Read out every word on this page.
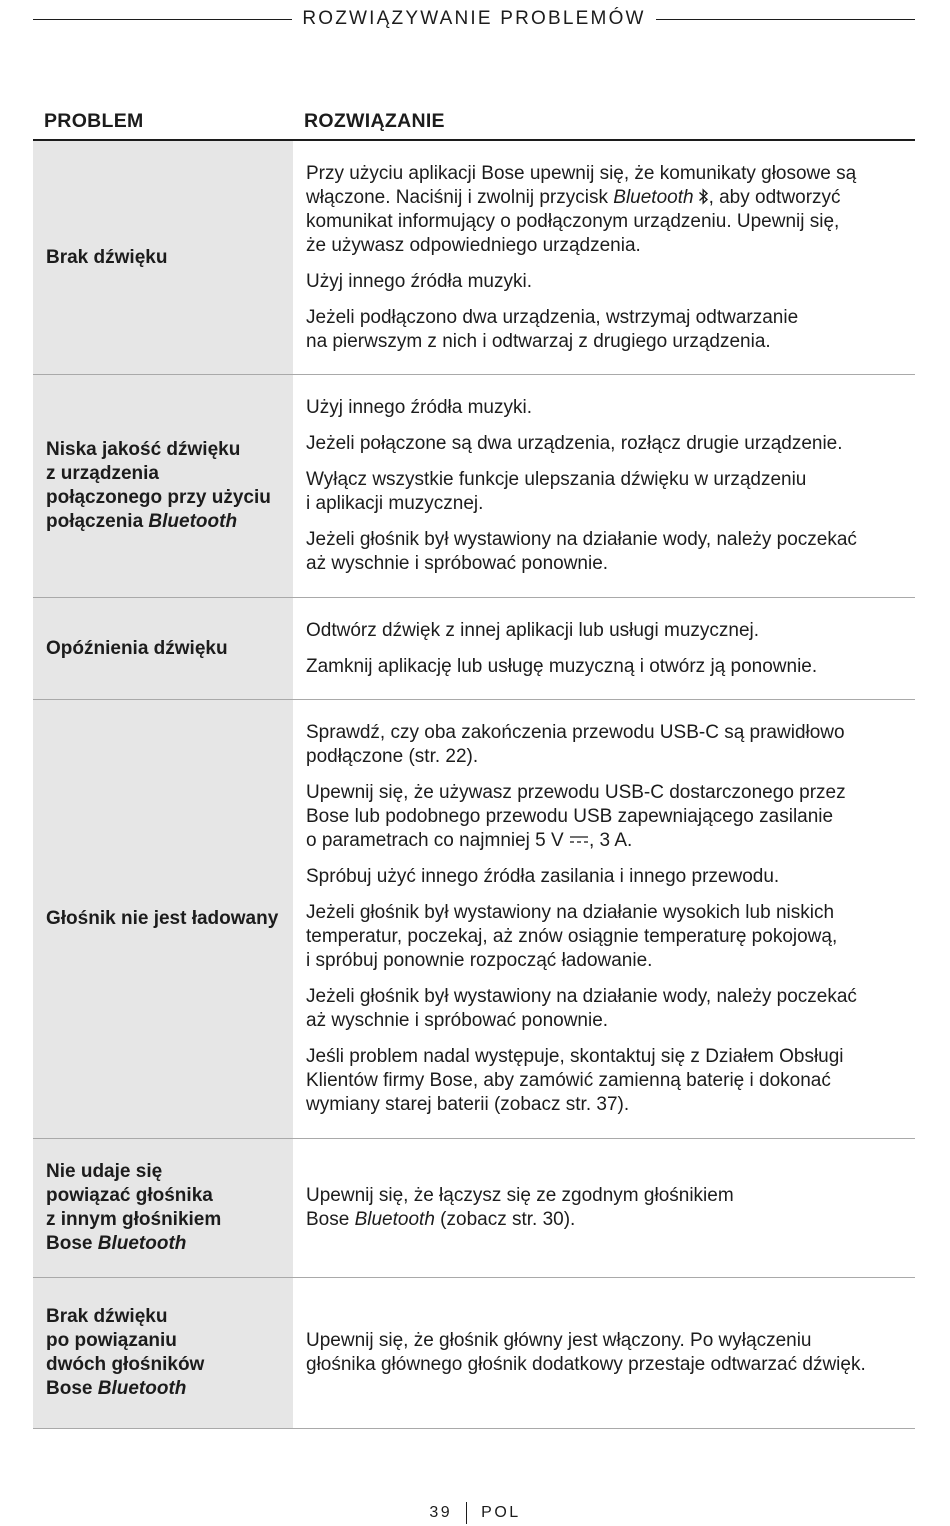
ROZWIĄZYWANIE PROBLEMÓW
PROBLEM	ROZWIĄZANIE
Brak dźwięku

Przy użyciu aplikacji Bose upewnij się, że komunikaty głosowe są
włączone. Naciśnij i zwolnij przycisk Bluetooth , aby odtworzyć
komunikat informujący o podłączonym urządzeniu. Upewnij się,
że używasz odpowiedniego urządzenia.

Użyj innego źródła muzyki.

Jeżeli podłączono dwa urządzenia, wstrzymaj odtwarzanie
na pierwszym z nich i odtwarzaj z drugiego urządzenia.

Niska jakość dźwięku
z urządzenia
połączonego przy użyciu
połączenia Bluetooth

Użyj innego źródła muzyki.

Jeżeli połączone są dwa urządzenia, rozłącz drugie urządzenie.

Wyłącz wszystkie funkcje ulepszania dźwięku w urządzeniu
i aplikacji muzycznej.

Jeżeli głośnik był wystawiony na działanie wody, należy poczekać
aż wyschnie i spróbować ponownie.

Opóźnienia dźwięku

Odtwórz dźwięk z innej aplikacji lub usługi muzycznej.

Zamknij aplikację lub usługę muzyczną i otwórz ją ponownie.

Głośnik nie jest ładowany

Sprawdź, czy oba zakończenia przewodu USB-C są prawidłowo
podłączone (str. 22).

Upewnij się, że używasz przewodu USB-C dostarczonego przez
Bose lub podobnego przewodu USB zapewniającego zasilanie
o parametrach co najmniej 5 V , 3 A.

Spróbuj użyć innego źródła zasilania i innego przewodu.

Jeżeli głośnik był wystawiony na działanie wysokich lub niskich
temperatur, poczekaj, aż znów osiągnie temperaturę pokojową,
i spróbuj ponownie rozpocząć ładowanie.

Jeżeli głośnik był wystawiony na działanie wody, należy poczekać
aż wyschnie i spróbować ponownie.

Jeśli problem nadal występuje, skontaktuj się z Działem Obsługi
Klientów firmy Bose, aby zamówić zamienną baterię i dokonać
wymiany starej baterii (zobacz str. 37).

Nie udaje się
powiązać głośnika
z innym głośnikiem
Bose Bluetooth

Upewnij się, że łączysz się ze zgodnym głośnikiem
Bose Bluetooth (zobacz str. 30).

Brak dźwięku
po powiązaniu
dwóch głośników
Bose Bluetooth

Upewnij się, że głośnik główny jest włączony. Po wyłączeniu
głośnika głównego głośnik dodatkowy przestaje odtwarzać dźwięk.

39 POL
